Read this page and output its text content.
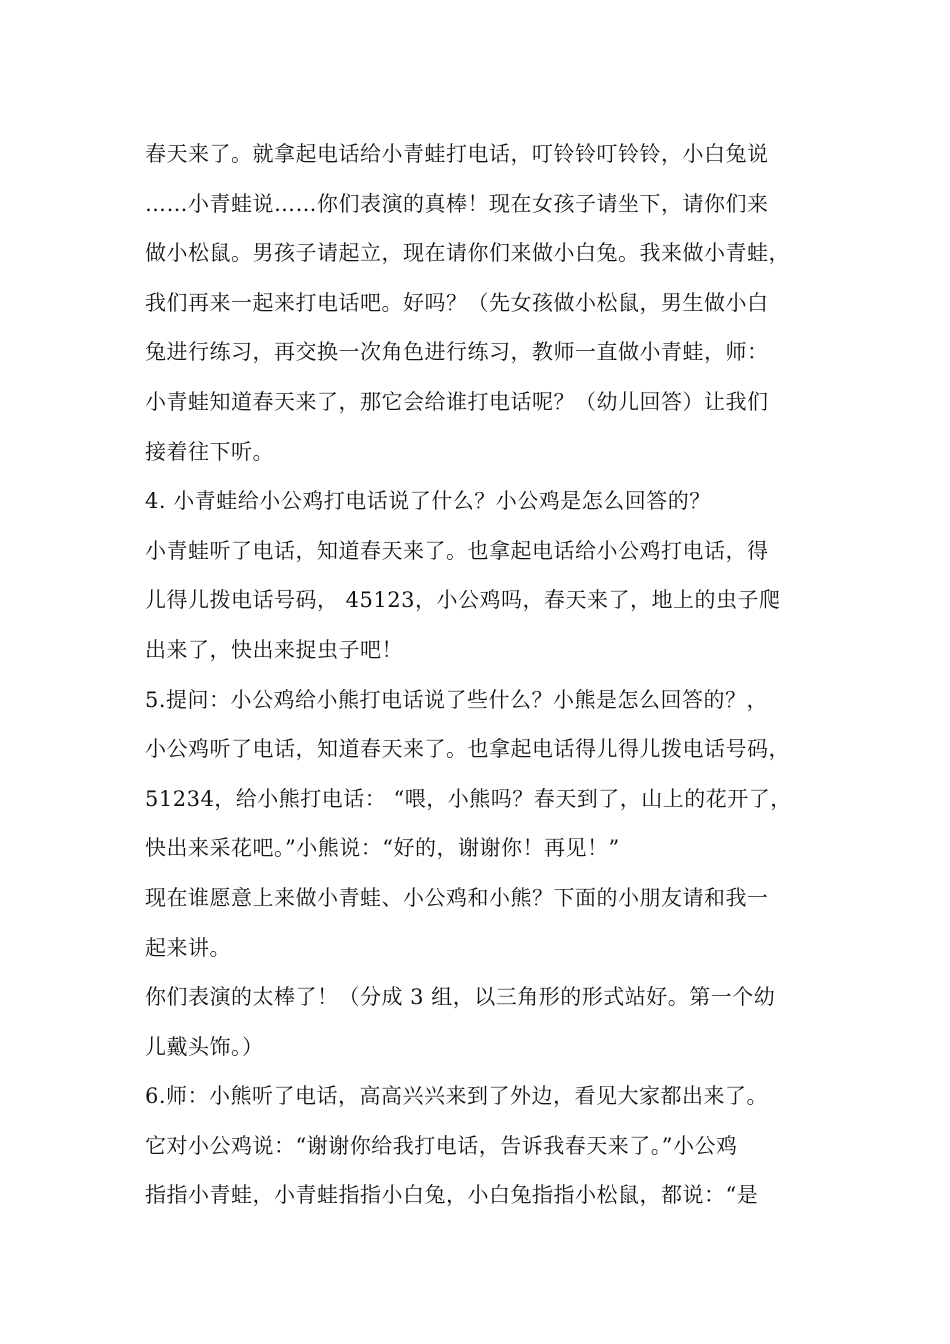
春天来了。就拿起电话给小青蛙打电话，叮铃铃叮铃铃，小白兔说
……小青蛙说……你们表演的真棒！现在女孩子请坐下，请你们来
做小松鼠。男孩子请起立，现在请你们来做小白兔。我来做小青蛙，
我们再来一起来打电话吧。好吗？（先女孩做小松鼠，男生做小白
兔进行练习，再交换一次角色进行练习，教师一直做小青蛙，师：
小青蛙知道春天来了，那它会给谁打电话呢？（幼儿回答）让我们
接着往下听。
4. 小青蛙给小公鸡打电话说了什么？小公鸡是怎么回答的？
小青蛙听了电话，知道春天来了。也拿起电话给小公鸡打电话，得
儿得儿拨电话号码， 45123，小公鸡吗，春天来了，地上的虫子爬
出来了，快出来捉虫子吧！
5.提问：小公鸡给小熊打电话说了些什么？小熊是怎么回答的？，
小公鸡听了电话，知道春天来了。也拿起电话得儿得儿拨电话号码，
51234，给小熊打电话： “喂，小熊吗？春天到了，山上的花开了，
快出来采花吧。”小熊说：“好的，谢谢你！再见！”
现在谁愿意上来做小青蛙、小公鸡和小熊？下面的小朋友请和我一
起来讲。
你们表演的太棒了！（分成 3 组，以三角形的形式站好。第一个幼
儿戴头饰。）
6.师：小熊听了电话，高高兴兴来到了外边，看见大家都出来了。
它对小公鸡说：“谢谢你给我打电话，告诉我春天来了。”小公鸡
指指小青蛙，小青蛙指指小白兔，小白兔指指小松鼠，都说：“是
